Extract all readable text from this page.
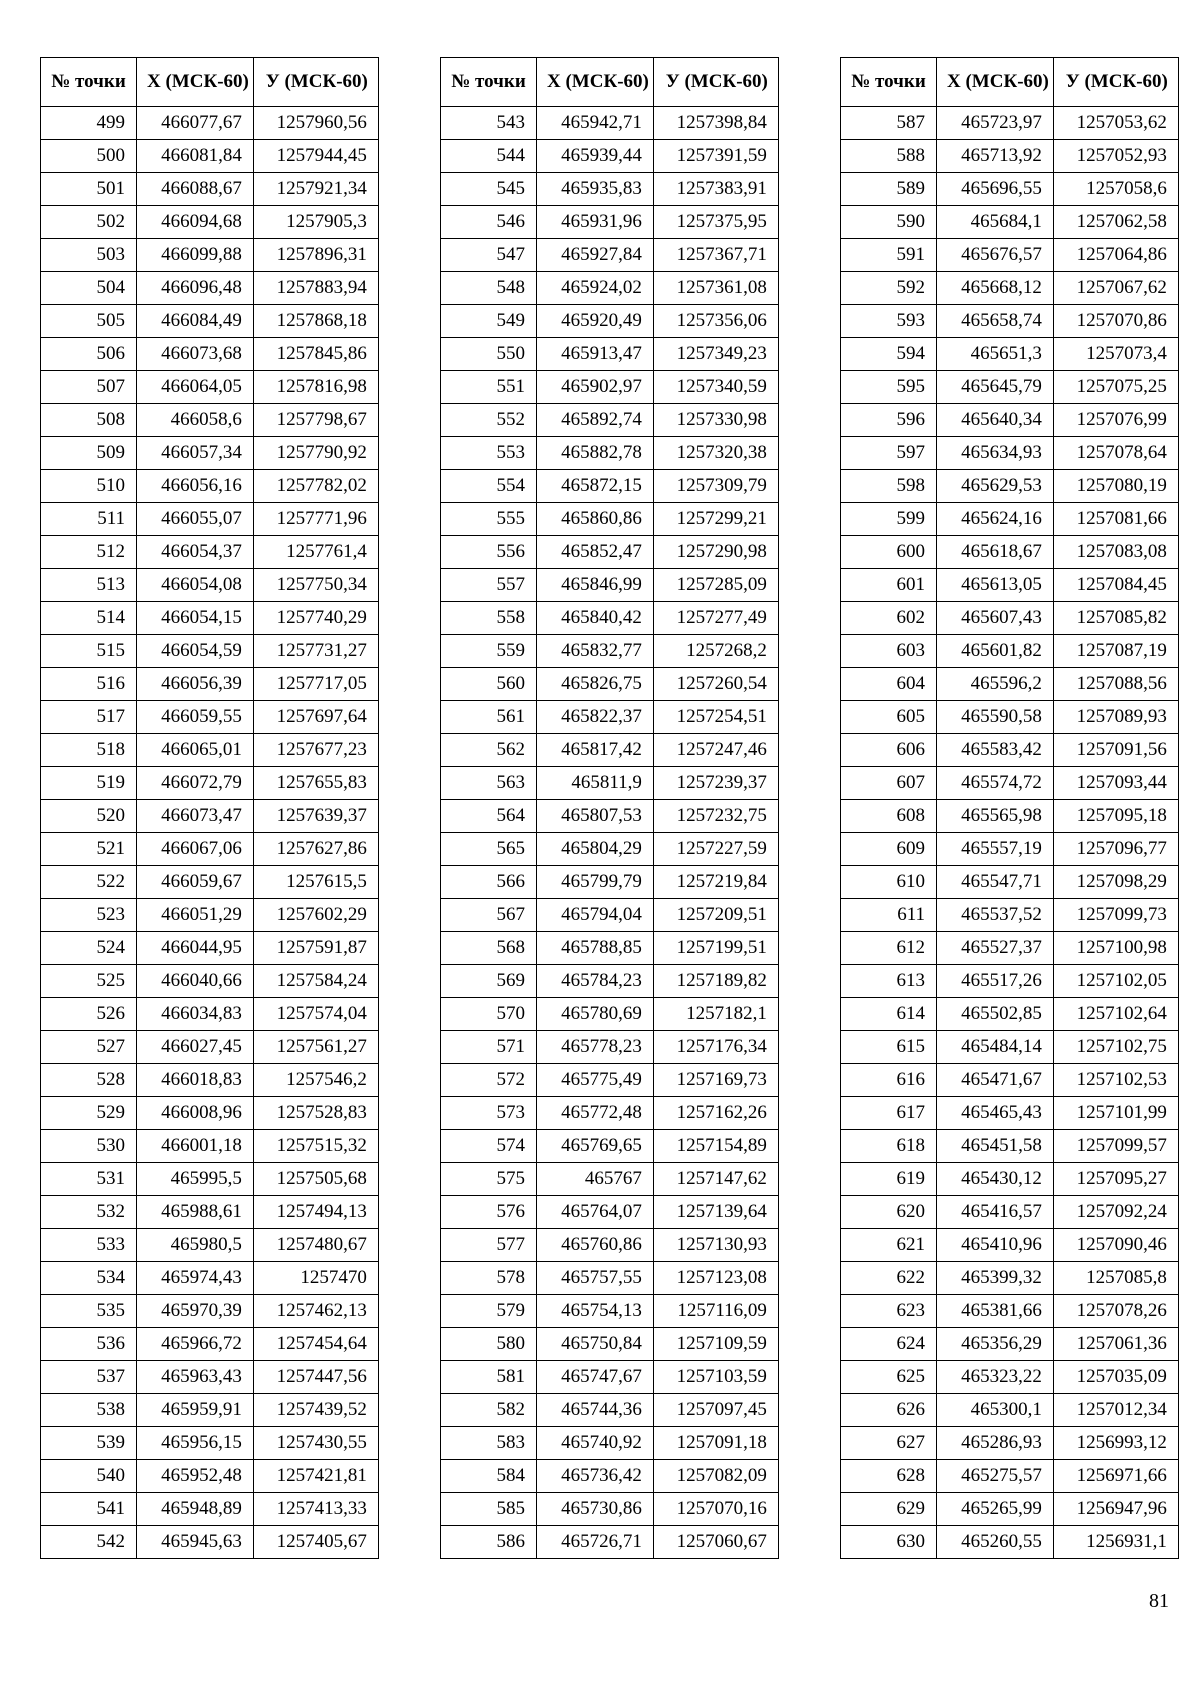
№ точки	X (МСК-60)	У (МСК-60)
499	466077,67	1257960,56
500	466081,84	1257944,45
501	466088,67	1257921,34
502	466094,68	1257905,3
503	466099,88	1257896,31
504	466096,48	1257883,94
505	466084,49	1257868,18
506	466073,68	1257845,86
507	466064,05	1257816,98
508	466058,6	1257798,67
509	466057,34	1257790,92
510	466056,16	1257782,02
511	466055,07	1257771,96
512	466054,37	1257761,4
513	466054,08	1257750,34
514	466054,15	1257740,29
515	466054,59	1257731,27
516	466056,39	1257717,05
517	466059,55	1257697,64
518	466065,01	1257677,23
519	466072,79	1257655,83
520	466073,47	1257639,37
521	466067,06	1257627,86
522	466059,67	1257615,5
523	466051,29	1257602,29
524	466044,95	1257591,87
525	466040,66	1257584,24
526	466034,83	1257574,04
527	466027,45	1257561,27
528	466018,83	1257546,2
529	466008,96	1257528,83
530	466001,18	1257515,32
531	465995,5	1257505,68
532	465988,61	1257494,13
533	465980,5	1257480,67
534	465974,43	1257470
535	465970,39	1257462,13
536	465966,72	1257454,64
537	465963,43	1257447,56
538	465959,91	1257439,52
539	465956,15	1257430,55
540	465952,48	1257421,81
541	465948,89	1257413,33
542	465945,63	1257405,67
№ точки	X (МСК-60)	У (МСК-60)
543	465942,71	1257398,84
544	465939,44	1257391,59
545	465935,83	1257383,91
546	465931,96	1257375,95
547	465927,84	1257367,71
548	465924,02	1257361,08
549	465920,49	1257356,06
550	465913,47	1257349,23
551	465902,97	1257340,59
552	465892,74	1257330,98
553	465882,78	1257320,38
554	465872,15	1257309,79
555	465860,86	1257299,21
556	465852,47	1257290,98
557	465846,99	1257285,09
558	465840,42	1257277,49
559	465832,77	1257268,2
560	465826,75	1257260,54
561	465822,37	1257254,51
562	465817,42	1257247,46
563	465811,9	1257239,37
564	465807,53	1257232,75
565	465804,29	1257227,59
566	465799,79	1257219,84
567	465794,04	1257209,51
568	465788,85	1257199,51
569	465784,23	1257189,82
570	465780,69	1257182,1
571	465778,23	1257176,34
572	465775,49	1257169,73
573	465772,48	1257162,26
574	465769,65	1257154,89
575	465767	1257147,62
576	465764,07	1257139,64
577	465760,86	1257130,93
578	465757,55	1257123,08
579	465754,13	1257116,09
580	465750,84	1257109,59
581	465747,67	1257103,59
582	465744,36	1257097,45
583	465740,92	1257091,18
584	465736,42	1257082,09
585	465730,86	1257070,16
586	465726,71	1257060,67
№ точки	X (МСК-60)	У (МСК-60)
587	465723,97	1257053,62
588	465713,92	1257052,93
589	465696,55	1257058,6
590	465684,1	1257062,58
591	465676,57	1257064,86
592	465668,12	1257067,62
593	465658,74	1257070,86
594	465651,3	1257073,4
595	465645,79	1257075,25
596	465640,34	1257076,99
597	465634,93	1257078,64
598	465629,53	1257080,19
599	465624,16	1257081,66
600	465618,67	1257083,08
601	465613,05	1257084,45
602	465607,43	1257085,82
603	465601,82	1257087,19
604	465596,2	1257088,56
605	465590,58	1257089,93
606	465583,42	1257091,56
607	465574,72	1257093,44
608	465565,98	1257095,18
609	465557,19	1257096,77
610	465547,71	1257098,29
611	465537,52	1257099,73
612	465527,37	1257100,98
613	465517,26	1257102,05
614	465502,85	1257102,64
615	465484,14	1257102,75
616	465471,67	1257102,53
617	465465,43	1257101,99
618	465451,58	1257099,57
619	465430,12	1257095,27
620	465416,57	1257092,24
621	465410,96	1257090,46
622	465399,32	1257085,8
623	465381,66	1257078,26
624	465356,29	1257061,36
625	465323,22	1257035,09
626	465300,1	1257012,34
627	465286,93	1256993,12
628	465275,57	1256971,66
629	465265,99	1256947,96
630	465260,55	1256931,1
81
